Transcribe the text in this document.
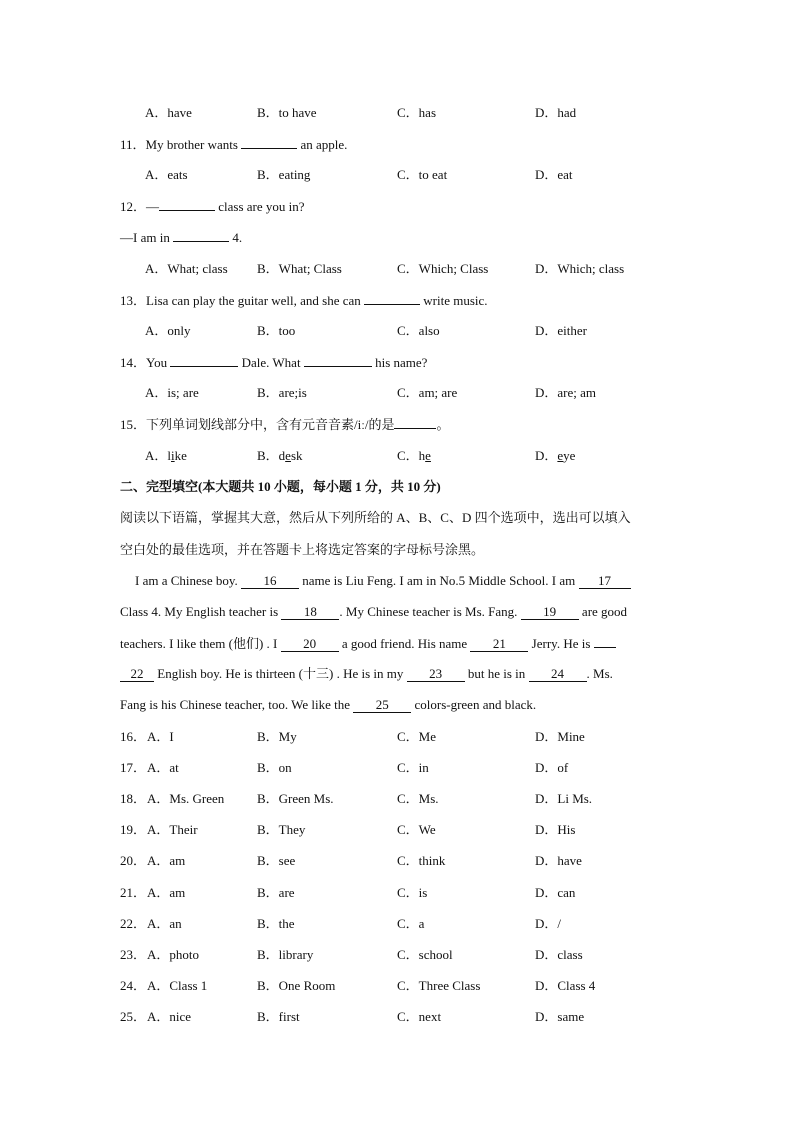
A．have	B．to have	C．has	D．had
11．My brother wants	an apple.
A．eats	B．eating	C．to eat	D．eat
12．—	class are you in?
—I am in	4.
A．What; class B．What; Class	C．Which; Class	D．Which; class
13．Lisa can play the guitar well, and she can	write music.
A．only	B．too	C．also	D．either
14．You	Dale. What	his name?
A．is; are	B．are;is	C．am; are	D．are; am
15．下列单词划线部分中，含有元音音素/iː/的是	。
A．like	B．desk	C．he	D．eye
二、完型填空(本大题共 10 小题，每小题 1 分，共 10 分)
阅读以下语篇，掌握其大意，然后从下列所给的 A、B、C、D 四个选项中，选出可以填入
空白处的最佳选项，并在答题卡上将选定答案的字母标号涂黑。
I am a Chinese boy. 16 name is Liu Feng. I am in No.5 Middle School. I am 17
Class 4. My English teacher is 18 . My Chinese teacher is Ms. Fang. 19 are good
teachers. I like them (他们) . I 20 a good friend. His name 21 Jerry. He is
22 English boy. He is thirteen (十三) . He is in my 23 but he is in 24 . Ms.
Fang is his Chinese teacher, too. We like the 25 colors-green and black.
16． A．I	B．My	C．Me	D．Mine
17． A．at	B．on	C．in	D．of
18． A．Ms. Green	B．Green Ms.	C．Ms.	D．Li Ms.
19． A．Their	B．They	C．We	D．His
20． A．am	B．see	C．think	D．have
21． A．am	B．are	C．is	D．can
22． A．an	B．the	C．a	D．/
23． A．photo	B．library	C．school	D．class
24． A．Class 1	B．One Room	C．Three Class	D．Class 4
25． A．nice	B．first	C．next	D．same
